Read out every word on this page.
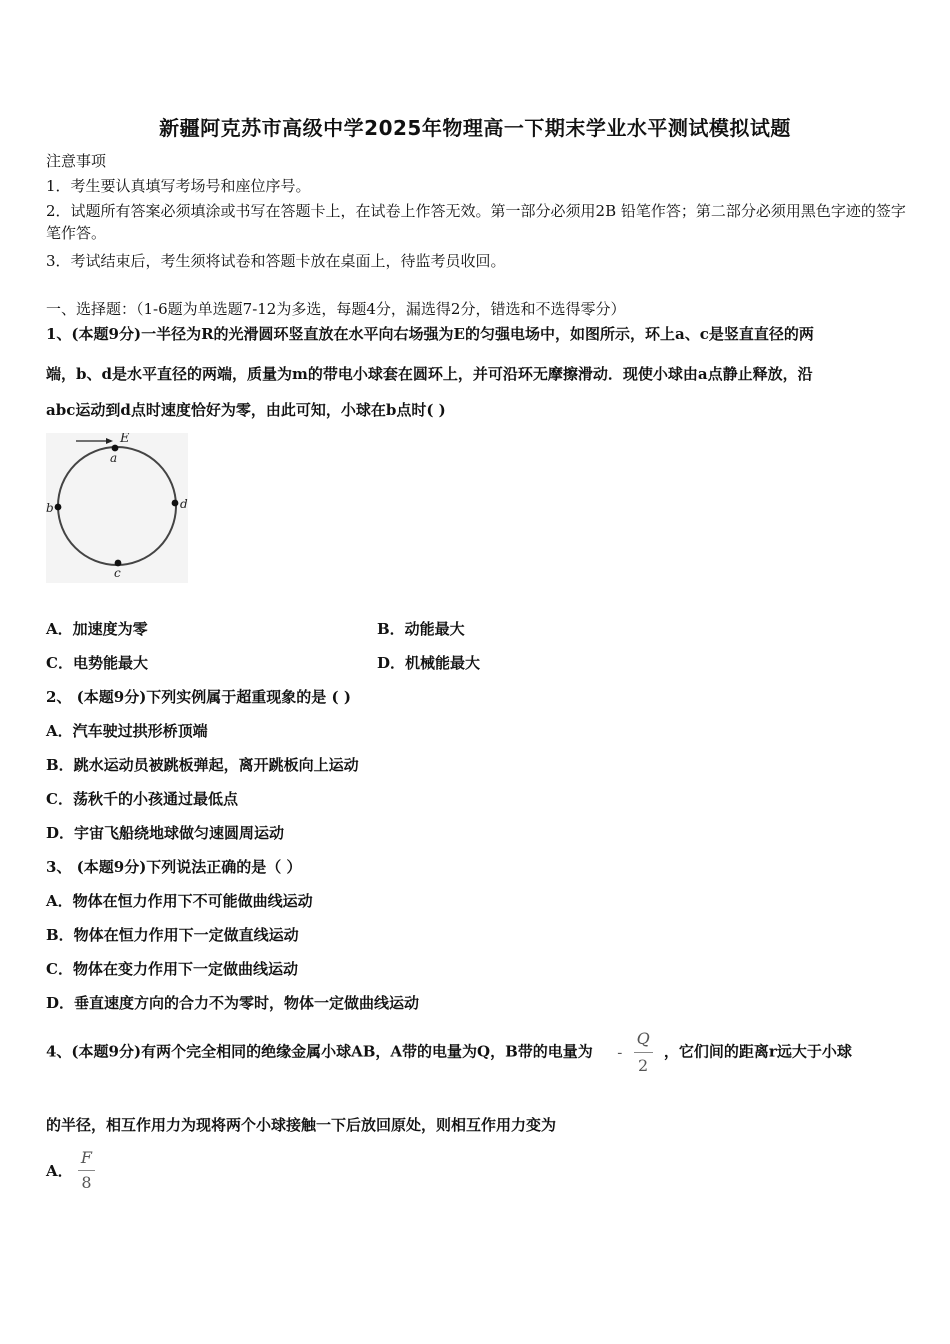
新疆阿克苏市高级中学2025年物理高一下期末学业水平测试模拟试题
注意事项
1．考生要认真填写考场号和座位序号。
2．试题所有答案必须填涂或书写在答题卡上，在试卷上作答无效。第一部分必须用2B 铅笔作答；第二部分必须用黑色字迹的签字笔作答。
3．考试结束后，考生须将试卷和答题卡放在桌面上，待监考员收回。
一、选择题：（1-6题为单选题7-12为多选，每题4分，漏选得2分，错选和不选得零分）
1、(本题9分)一半径为R的光滑圆环竖直放在水平向右场强为E的匀强电场中，如图所示，环上a、c是竖直直径的两
端，b、d是水平直径的两端，质量为m的带电小球套在圆环上，并可沿环无摩擦滑动．现使小球由a点静止释放，沿
abc运动到d点时速度恰好为零，由此可知，小球在b点时( )
E
a
b
c
d
A．加速度为零	B．动能最大
C．电势能最大	D．机械能最大
2、 (本题9分)下列实例属于超重现象的是 ( )
A．汽车驶过拱形桥顶端
B．跳水运动员被跳板弹起，离开跳板向上运动
C．荡秋千的小孩通过最低点
D．宇宙飞船绕地球做匀速圆周运动
3、 (本题9分)下列说法正确的是（ ）
A．物体在恒力作用下不可能做曲线运动
B．物体在恒力作用下一定做直线运动
C．物体在变力作用下一定做曲线运动
D．垂直速度方向的合力不为零时，物体一定做曲线运动
4、(本题9分)有两个完全相同的绝缘金属小球AB，A带的电量为Q，B带的电量为 - $\frac{Q}{2}$ ，它们间的距离r远大于小球
的半径，相互作用力为现将两个小球接触一下后放回原处，则相互作用力变为
A． $\frac{F}{8}$
